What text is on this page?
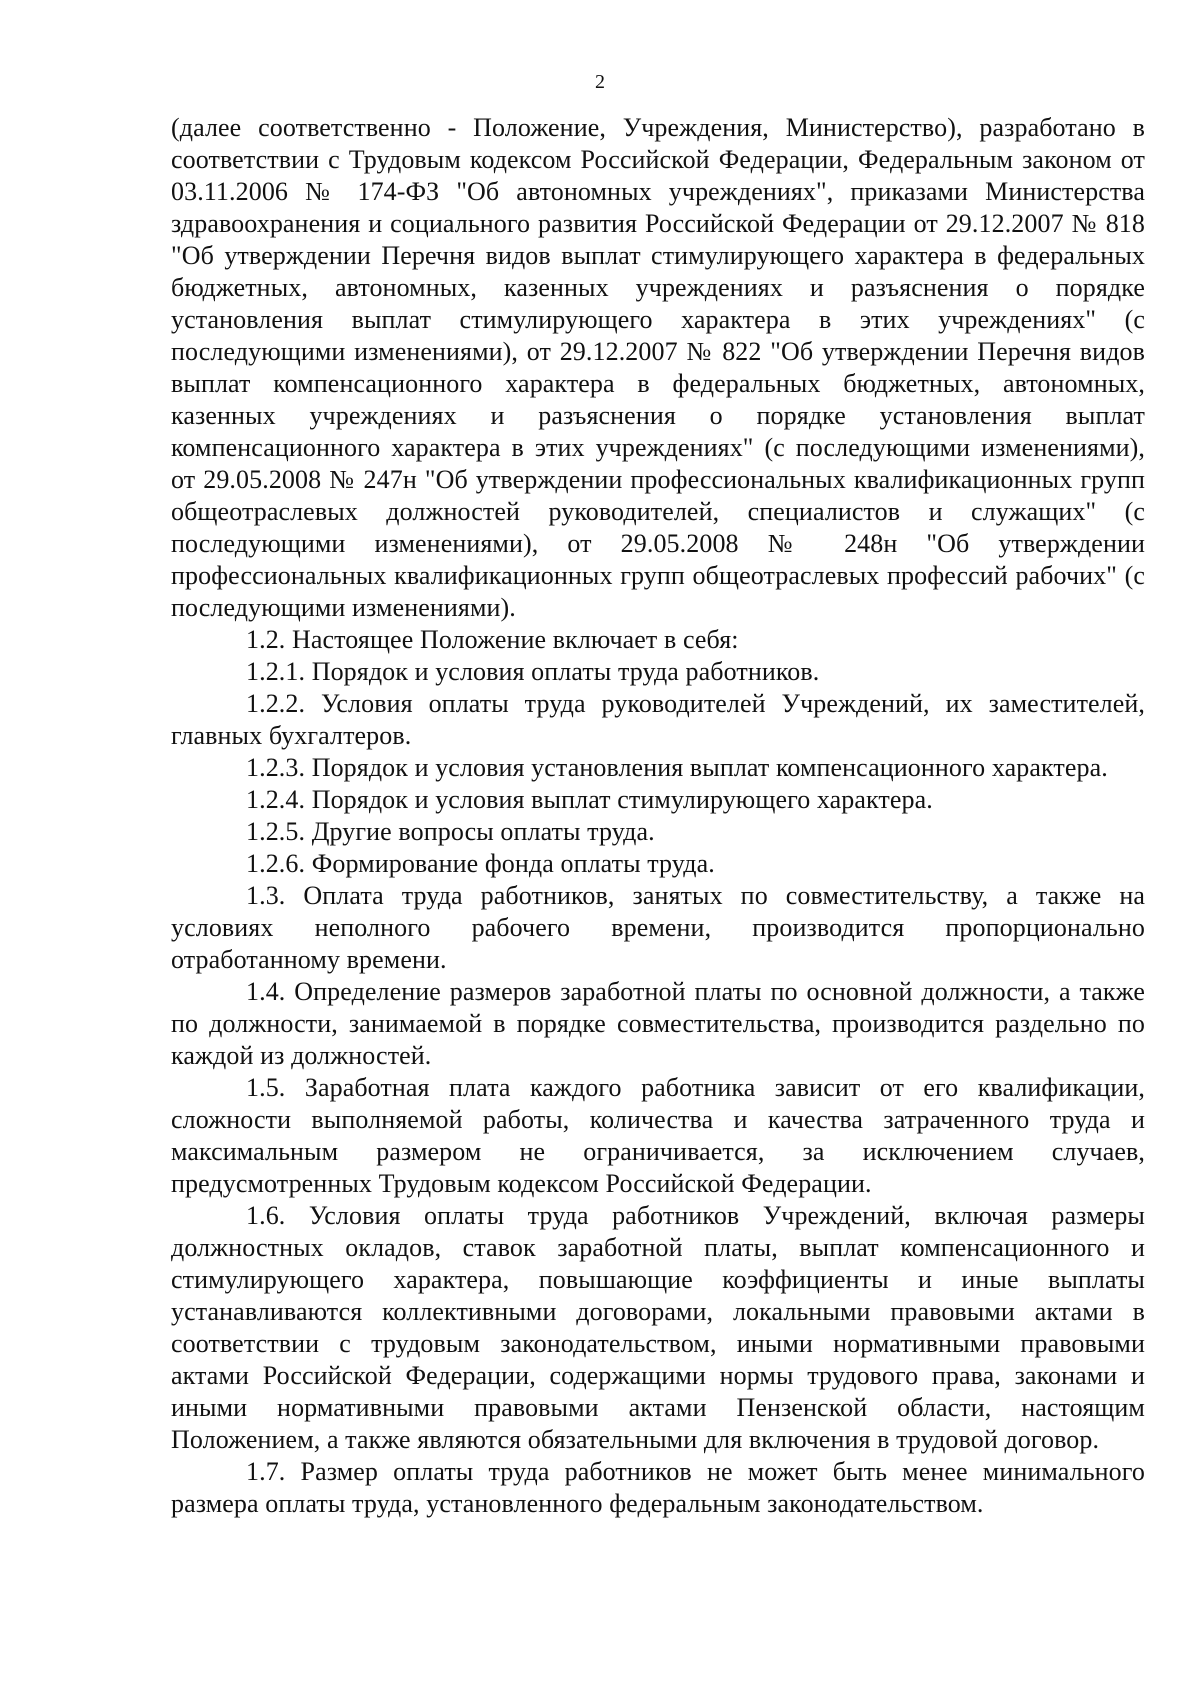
2

(далее соответственно - Положение, Учреждения, Министерство), разработано в соответствии с Трудовым кодексом Российской Федерации, Федеральным законом от 03.11.2006 № 174-ФЗ "Об автономных учреждениях", приказами Министерства здравоохранения и социального развития Российской Федерации от 29.12.2007 № 818 "Об утверждении Перечня видов выплат стимулирующего характера в федеральных бюджетных, автономных, казенных учреждениях и разъяснения о порядке установления выплат стимулирующего характера в этих учреждениях" (с последующими изменениями), от 29.12.2007 № 822 "Об утверждении Перечня видов выплат компенсационного характера в федеральных бюджетных, автономных, казенных учреждениях и разъяснения о порядке установления выплат компенсационного характера в этих учреждениях" (с последующими изменениями), от 29.05.2008 № 247н "Об утверждении профессиональных квалификационных групп общеотраслевых должностей руководителей, специалистов и служащих" (с последующими изменениями), от 29.05.2008 № 248н "Об утверждении профессиональных квалификационных групп общеотраслевых профессий рабочих" (с последующими изменениями).

1.2. Настоящее Положение включает в себя:

1.2.1. Порядок и условия оплаты труда работников.

1.2.2. Условия оплаты труда руководителей Учреждений, их заместителей, главных бухгалтеров.

1.2.3. Порядок и условия установления выплат компенсационного характера.

1.2.4. Порядок и условия выплат стимулирующего характера.

1.2.5. Другие вопросы оплаты труда.

1.2.6. Формирование фонда оплаты труда.

1.3. Оплата труда работников, занятых по совместительству, а также на условиях неполного рабочего времени, производится пропорционально отработанному времени.

1.4. Определение размеров заработной платы по основной должности, а также по должности, занимаемой в порядке совместительства, производится раздельно по каждой из должностей.

1.5. Заработная плата каждого работника зависит от его квалификации, сложности выполняемой работы, количества и качества затраченного труда и максимальным размером не ограничивается, за исключением случаев, предусмотренных Трудовым кодексом Российской Федерации.

1.6. Условия оплаты труда работников Учреждений, включая размеры должностных окладов, ставок заработной платы, выплат компенсационного и стимулирующего характера, повышающие коэффициенты и иные выплаты устанавливаются коллективными договорами, локальными правовыми актами в соответствии с трудовым законодательством, иными нормативными правовыми актами Российской Федерации, содержащими нормы трудового права, законами и иными нормативными правовыми актами Пензенской области, настоящим Положением, а также являются обязательными для включения в трудовой договор.

1.7. Размер оплаты труда работников не может быть менее минимального размера оплаты труда, установленного федеральным законодательством.
